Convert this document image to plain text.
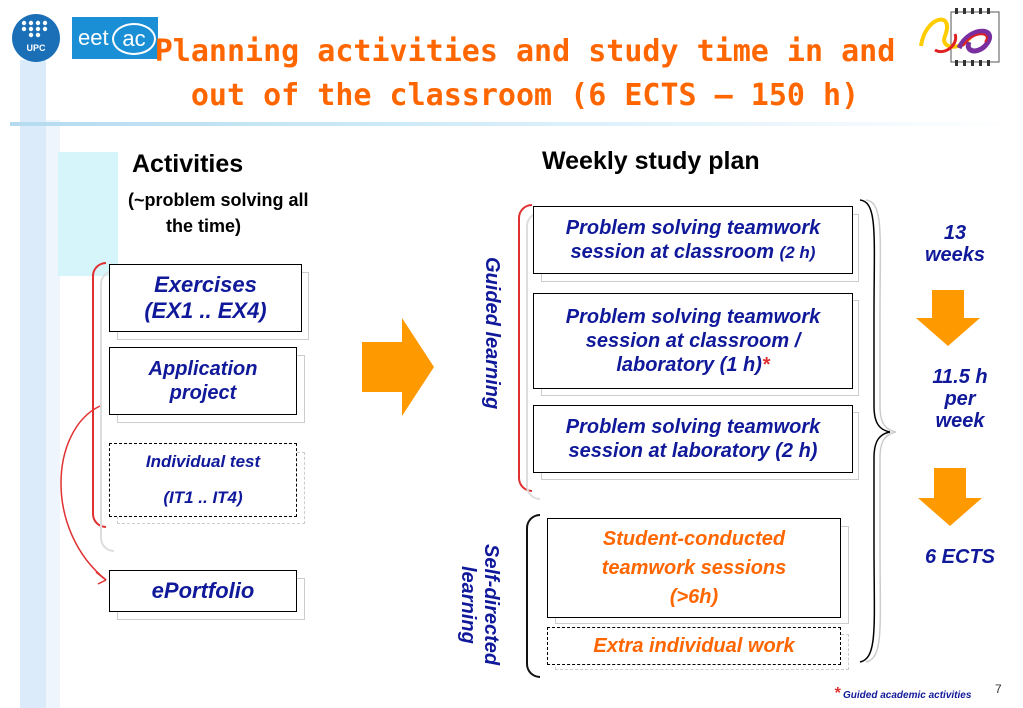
UPC	eet ac Planning activities and study time in and
out of the classroom (6 ECTS – 150 h)
Activities
(~problem solving all
the time)
Exercises
(EX1 .. EX4)
Application
project
Individual test
(IT1 .. IT4)
ePortfolio
Weekly study plan
Guided learning
Problem solving teamwork
session at classroom (2 h)
Problem solving teamwork
session at classroom /
laboratory (1 h)*
Problem solving teamwork
session at laboratory (2 h)
Self-directed
learning
Student-conducted
teamwork sessions
(>6h)
Extra individual work
13
weeks
11.5 h
per
week
6 ECTS
* Guided academic activities 7
